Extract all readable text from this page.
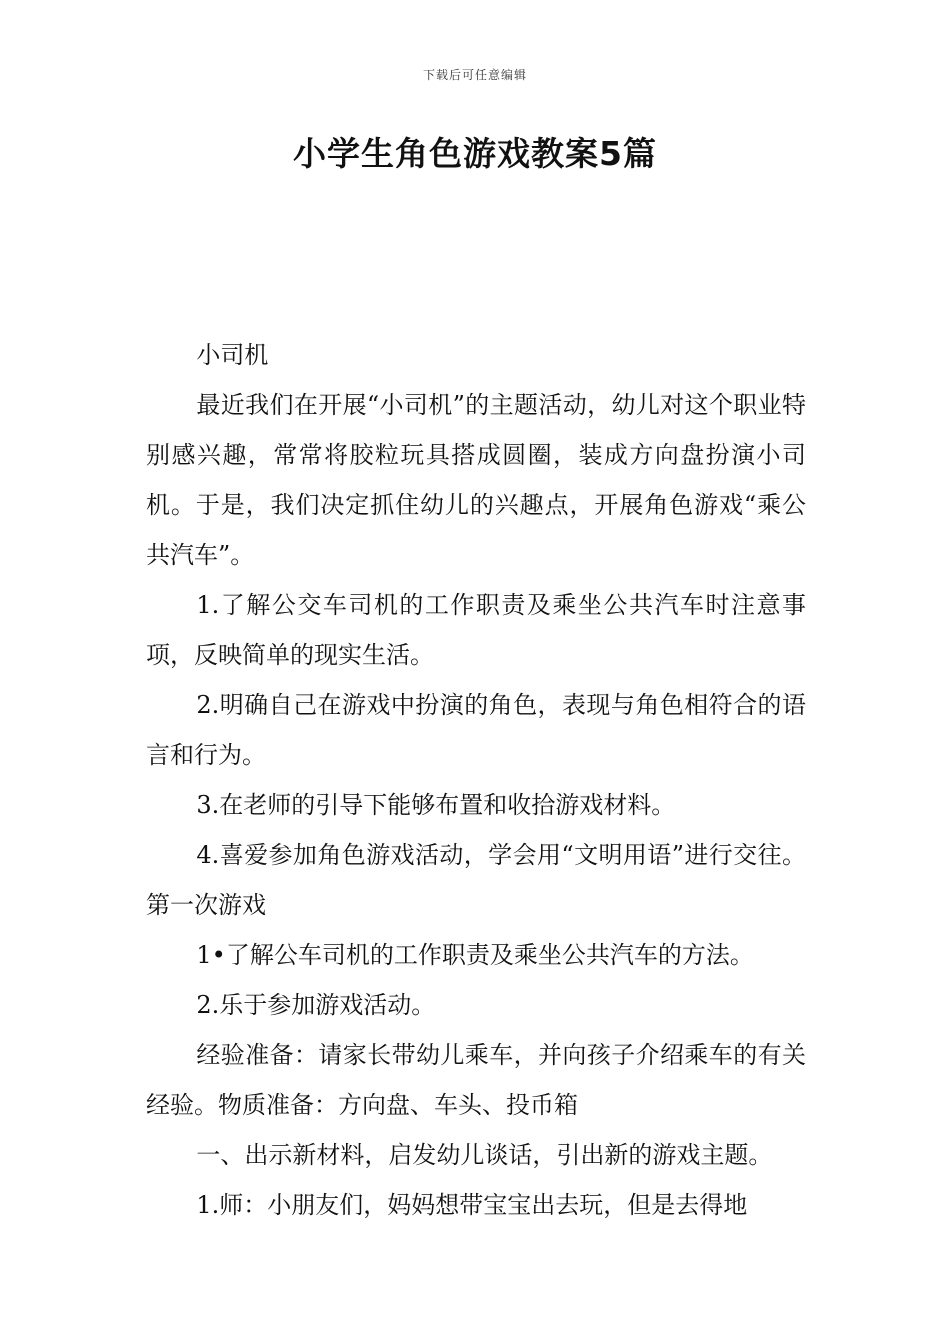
下载后可任意编辑
小学生角色游戏教案5篇

小司机

最近我们在开展“小司机”的主题活动，幼儿对这个职业特别感兴趣，常常将胶粒玩具搭成圆圈，装成方向盘扮演小司机。于是，我们决定抓住幼儿的兴趣点，开展角色游戏“乘公共汽车”。

1.了解公交车司机的工作职责及乘坐公共汽车时注意事项，反映简单的现实生活。

2.明确自己在游戏中扮演的角色，表现与角色相符合的语言和行为。

3.在老师的引导下能够布置和收拾游戏材料。

4.喜爱参加角色游戏活动，学会用“文明用语”进行交往。第一次游戏

1•了解公车司机的工作职责及乘坐公共汽车的方法。

2.乐于参加游戏活动。

经验准备：请家长带幼儿乘车，并向孩子介绍乘车的有关经验。物质准备：方向盘、车头、投币箱

一、出示新材料，启发幼儿谈话，引出新的游戏主题。

1.师：小朋友们，妈妈想带宝宝出去玩，但是去得地
